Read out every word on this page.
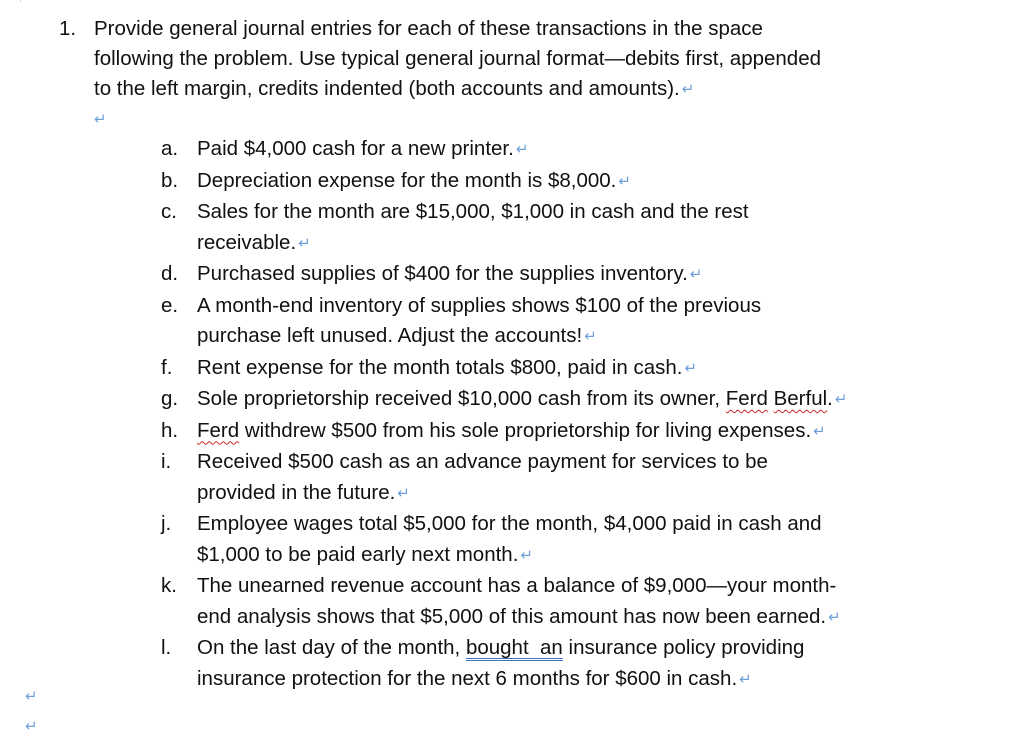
1. Provide general journal entries for each of these transactions in the space
following the problem. Use typical general journal format—debits first, appended
to the left margin, credits indented (both accounts and amounts). ↵
↵
a. Paid $4,000 cash for a new printer. ↵
b. Depreciation expense for the month is $8,000. ↵
c. Sales for the month are $15,000, $1,000 in cash and the rest
receivable. ↵
d. Purchased supplies of $400 for the supplies inventory. ↵
e. A month-end inventory of supplies shows $100 of the previous
purchase left unused. Adjust the accounts! ↵
f. Rent expense for the month totals $800, paid in cash. ↵
g. Sole proprietorship received $10,000 cash from its owner, Ferd Berful. ↵
h. Ferd withdrew $500 from his sole proprietorship for living expenses. ↵
i. Received $500 cash as an advance payment for services to be
provided in the future. ↵
j. Employee wages total $5,000 for the month, $4,000 paid in cash and
$1,000 to be paid early next month. ↵
k. The unearned revenue account has a balance of $9,000—your month-
end analysis shows that $5,000 of this amount has now been earned. ↵
l. On the last day of the month, bought  an insurance policy providing
insurance protection for the next 6 months for $600 in cash. ↵
↵
↵
